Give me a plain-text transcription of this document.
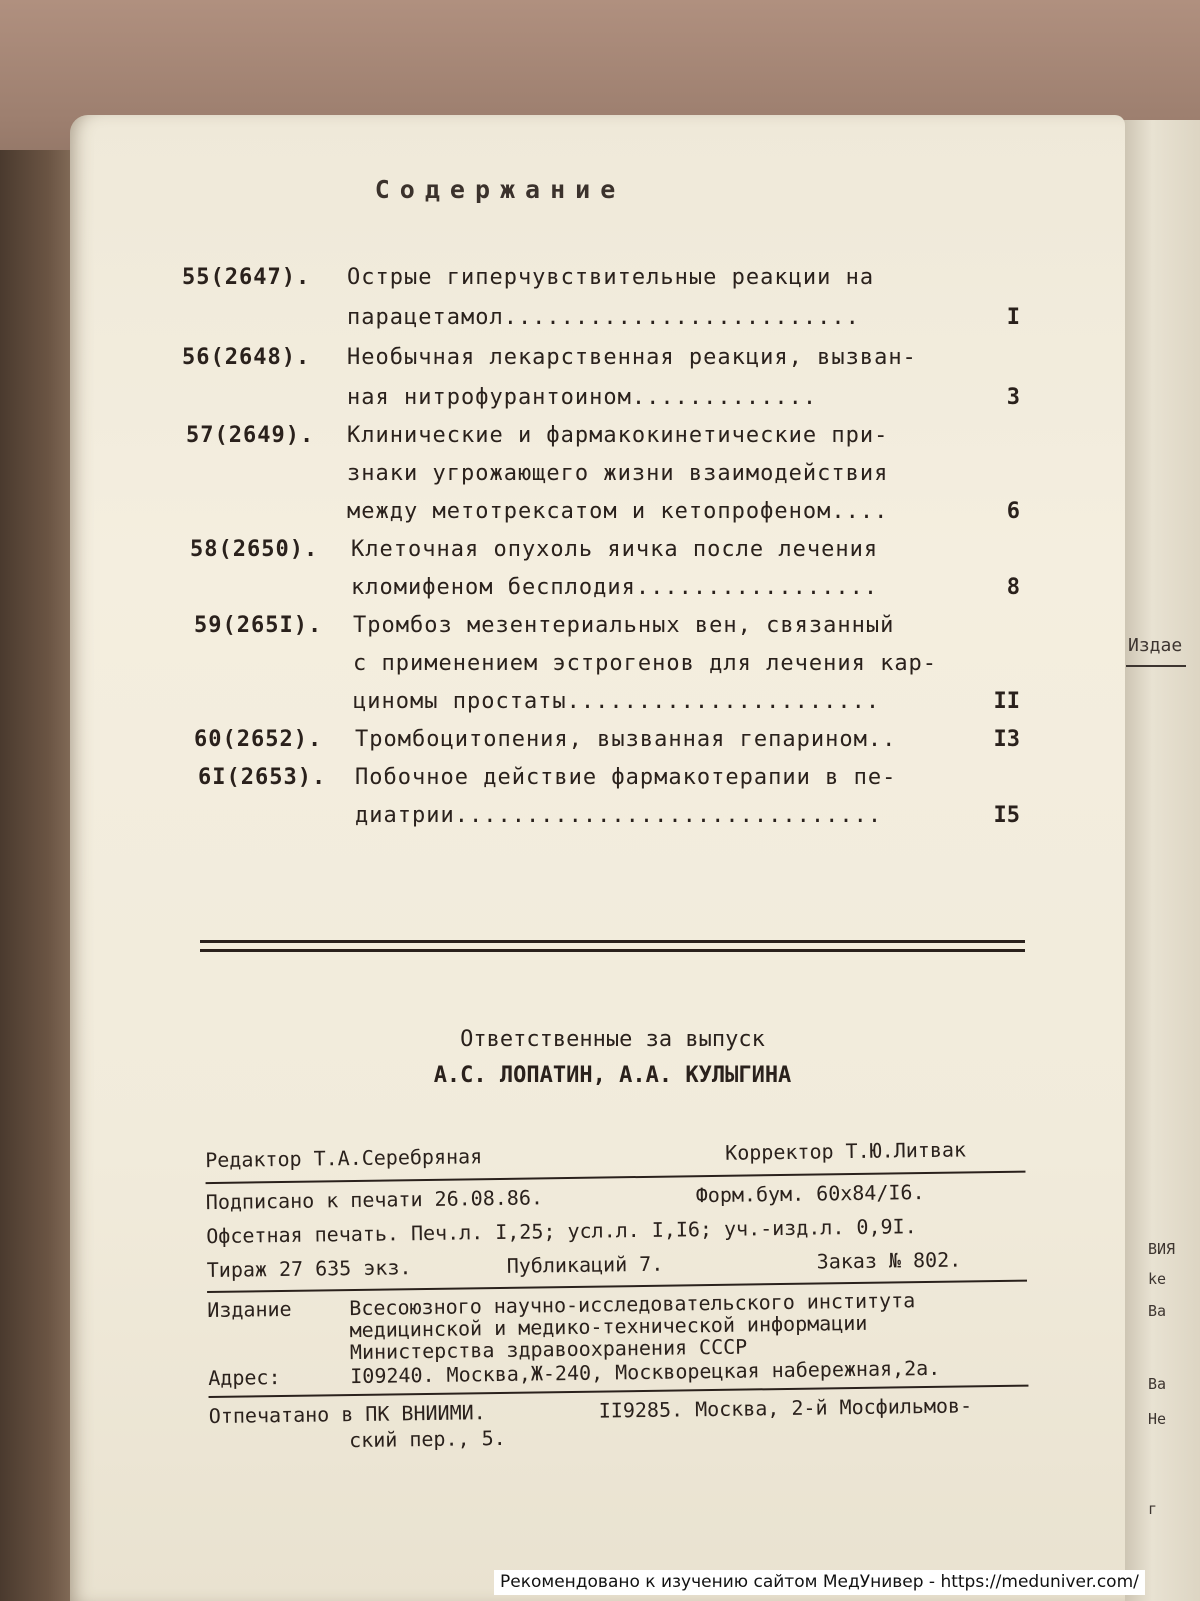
Издае
ВИЯ
ke
Ва
Ва
Не
г
Содержание
55(2647).	Острые гиперчувствительные реакции на
парацетамол.........................	I
56(2648).	Необычная лекарственная реакция, вызван-
ная нитрофурантоином.............	3
57(2649).	Клинические и фармакокинетические при-
знаки угрожающего жизни взаимодействия
между метотрексатом и кетопрофеном....	6
58(2650).	Клеточная опухоль яичка после лечения
кломифеном бесплодия.................	8
59(265I).	Тромбоз мезентериальных вен, связанный
с применением эстрогенов для лечения кар-
циномы простаты......................	II
60(2652).	Тромбоцитопения, вызванная гепарином..	I3
6I(2653).	Побочное действие фармакотерапии в пе-
диатрии..............................	I5
Ответственные за выпуск
А.С. ЛОПАТИН, А.А. КУЛЫГИНА
Редактор Т.А.Серебряная	Корректор Т.Ю.Литвак
Подписано к печати 26.08.86.	Форм.бум. 60х84/I6.
Офсетная печать. Печ.л. I,25; усл.л. I,I6; уч.-изд.л. 0,9I.
Тираж 27 635 экз.	Публикаций 7.	Заказ № 802.
Издание	Всесоюзного научно-исследовательского института
медицинской и медико-технической информации
Министерства здравоохранения СССР
Адрес:	I09240. Москва,Ж-240, Москворецкая набережная,2а.
Отпечатано в ПК ВНИИМИ.	II9285. Москва, 2-й Мосфильмов-
ский пер., 5.
Рекомендовано к изучению сайтом МедУнивер - https://meduniver.com/
